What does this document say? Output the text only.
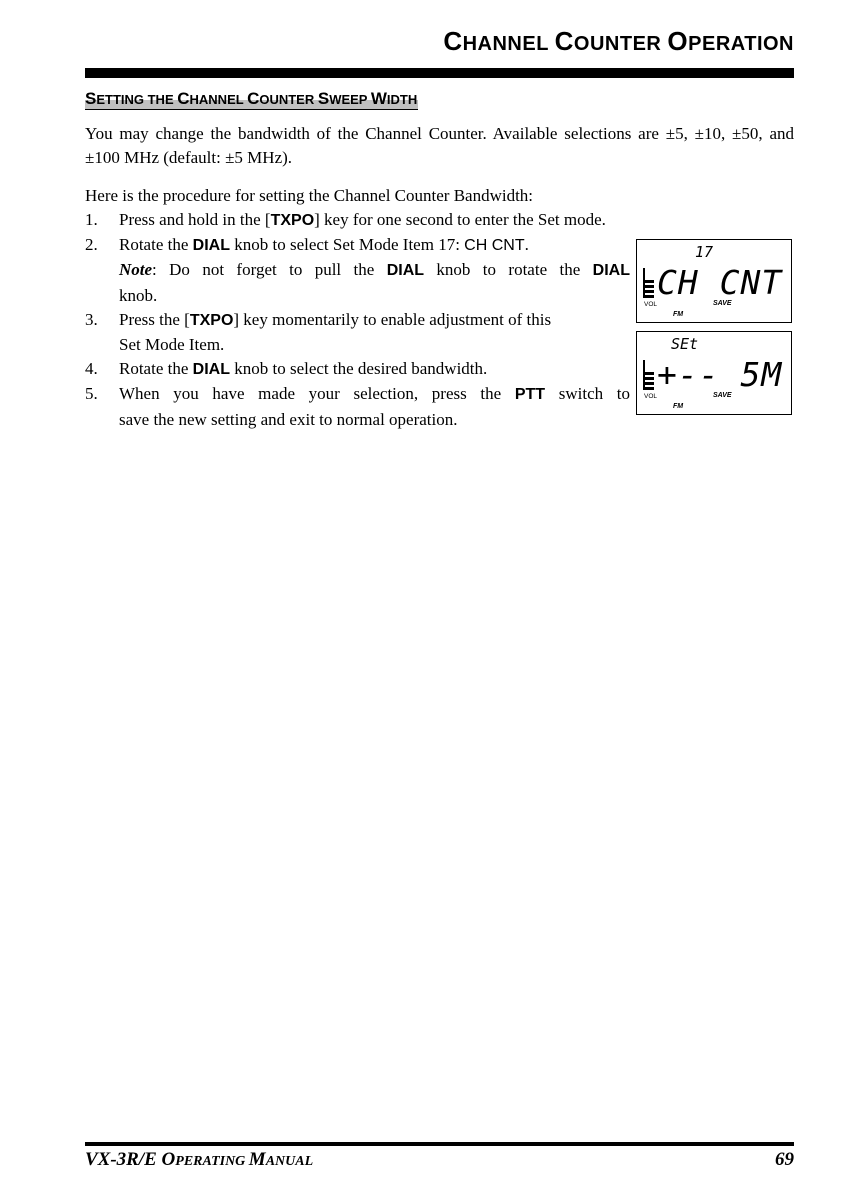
CHANNEL COUNTER OPERATION
SETTING THE CHANNEL COUNTER SWEEP WIDTH

You may change the bandwidth of the Channel Counter. Available selections are ±5, ±10, ±50, and ±100 MHz (default: ±5 MHz).

Here is the procedure for setting the Channel Counter Bandwidth:

1. Press and hold in the [TXPO] key for one second to enter the Set mode.
2. Rotate the DIAL knob to select Set Mode Item 17: CH CNT.
Note: Do not forget to pull the DIAL knob to rotate the DIAL
knob.
3. Press the [TXPO] key momentarily to enable adjustment of this
Set Mode Item.
4. Rotate the DIAL knob to select the desired bandwidth.
5. When you have made your selection, press the PTT switch to
save the new setting and exit to normal operation.
17
CH CNT
VOL	SAVE
FM
SEt
+-- 5M
VOL	SAVE
FM
VX-3R/E OPERATING MANUAL	69
